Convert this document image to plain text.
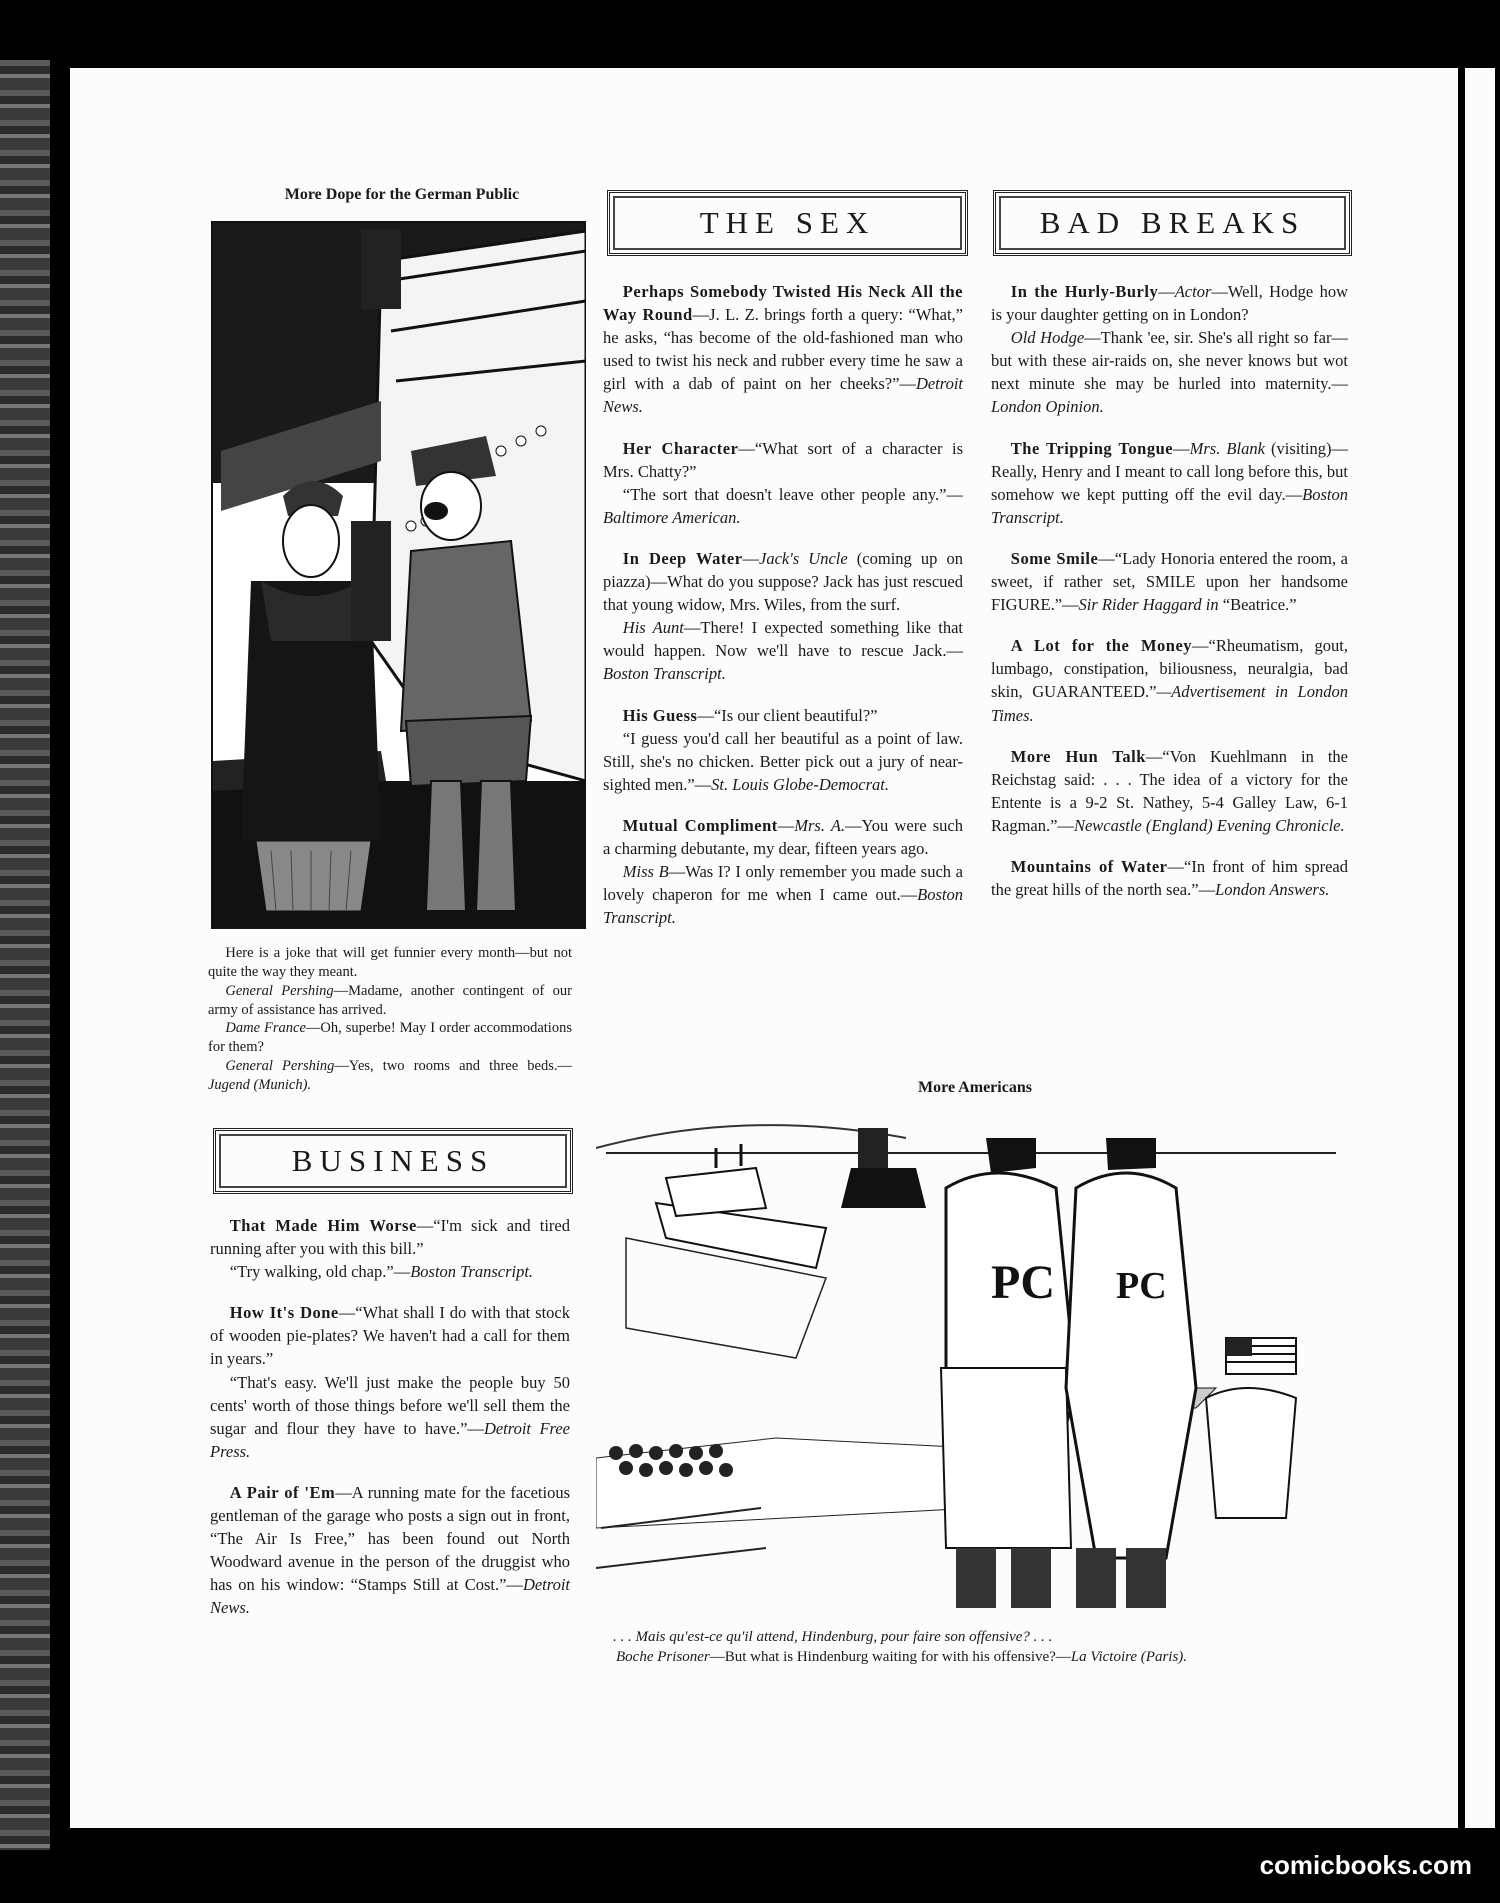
More Dope for the German Public

Here is a joke that will get funnier every month—but not quite the way they meant.

General Pershing—Madame, another contingent of our army of assistance has arrived.

Dame France—Oh, superbe! May I order accommodations for them?

General Pershing—Yes, two rooms and three beds.—Jugend (Munich).

BUSINESS

That Made Him Worse—“I'm sick and tired running after you with this bill.”

“Try walking, old chap.”—Boston Transcript.

How It's Done—“What shall I do with that stock of wooden pie-plates? We haven't had a call for them in years.”

“That's easy. We'll just make the people buy 50 cents' worth of those things before we'll sell them the sugar and flour they have to have.”—Detroit Free Press.

A Pair of 'Em—A running mate for the facetious gentleman of the garage who posts a sign out in front, “The Air Is Free,” has been found out North Woodward avenue in the person of the druggist who has on his window: “Stamps Still at Cost.”—Detroit News.

THE SEX

Perhaps Somebody Twisted His Neck All the Way Round—J. L. Z. brings forth a query: “What,” he asks, “has become of the old-fashioned man who used to twist his neck and rubber every time he saw a girl with a dab of paint on her cheeks?”—Detroit News.

Her Character—“What sort of a character is Mrs. Chatty?”

“The sort that doesn't leave other people any.”—Baltimore American.

In Deep Water—Jack's Uncle (coming up on piazza)—What do you suppose? Jack has just rescued that young widow, Mrs. Wiles, from the surf.

His Aunt—There! I expected something like that would happen. Now we'll have to rescue Jack.—Boston Transcript.

His Guess—“Is our client beautiful?”

“I guess you'd call her beautiful as a point of law. Still, she's no chicken. Better pick out a jury of near-sighted men.”—St. Louis Globe-Democrat.

Mutual Compliment—Mrs. A.—You were such a charming debutante, my dear, fifteen years ago.

Miss B—Was I? I only remember you made such a lovely chaperon for me when I came out.—Boston Transcript.

BAD BREAKS

In the Hurly-Burly—Actor—Well, Hodge how is your daughter getting on in London?

Old Hodge—Thank 'ee, sir. She's all right so far—but with these air-raids on, she never knows but wot next minute she may be hurled into maternity.—London Opinion.

The Tripping Tongue—Mrs. Blank (visiting)—Really, Henry and I meant to call long before this, but somehow we kept putting off the evil day.—Boston Transcript.

Some Smile—“Lady Honoria entered the room, a sweet, if rather set, SMILE upon her handsome FIGURE.”—Sir Rider Haggard in “Beatrice.”

A Lot for the Money—“Rheumatism, gout, lumbago, constipation, biliousness, neuralgia, bad skin, GUARANTEED.”—Advertisement in London Times.

More Hun Talk—“Von Kuehlmann in the Reichstag said: . . . The idea of a victory for the Entente is a 9-2 St. Nathey, 5-4 Galley Law, 6-1 Ragman.”—Newcastle (England) Evening Chronicle.

Mountains of Water—“In front of him spread the great hills of the north sea.”—London Answers.

More Americans
PC PC

. . . Mais qu'est-ce qu'il attend, Hindenburg, pour faire son offensive? . . .

Boche Prisoner—But what is Hindenburg waiting for with his offensive?—La Victoire (Paris).

comicbooks.com
